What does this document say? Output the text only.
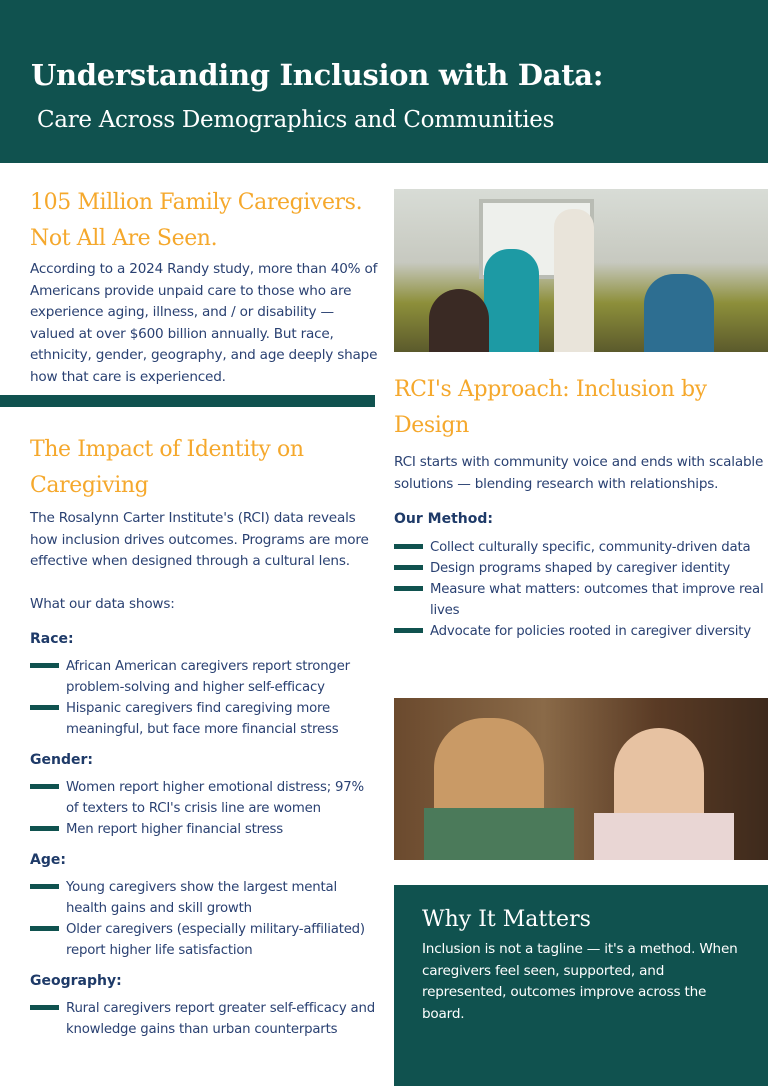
Understanding Inclusion with Data:
Care Across Demographics and Communities
105 Million Family Caregivers.
Not All Are Seen.

According to a 2024 Randy study, more than 40% of Americans provide unpaid care to those who are experience aging, illness, and / or disability — valued at over $600 billion annually. But race, ethnicity, gender, geography, and age deeply shape how that care is experienced.

The Impact of Identity on Caregiving

The Rosalynn Carter Institute's (RCI) data reveals how inclusion drives outcomes. Programs are more effective when designed through a cultural lens.

What our data shows:

Race:
African American caregivers report stronger problem-solving and higher self-efficacy
Hispanic caregivers find caregiving more meaningful, but face more financial stress
Gender:
Women report higher emotional distress; 97% of texters to RCI's crisis line are women
Men report higher financial stress
Age:
Young caregivers show the largest mental health gains and skill growth
Older caregivers (especially military-affiliated) report higher life satisfaction
Geography:
Rural caregivers report greater self-efficacy and knowledge gains than urban counterparts
RCI's Approach: Inclusion by Design

RCI starts with community voice and ends with scalable solutions — blending research with relationships.

Our Method:
Collect culturally specific, community-driven data
Design programs shaped by caregiver identity
Measure what matters: outcomes that improve real lives
Advocate for policies rooted in caregiver diversity
Why It Matters

Inclusion is not a tagline — it's a method. When caregivers feel seen, supported, and represented, outcomes improve across the board.
